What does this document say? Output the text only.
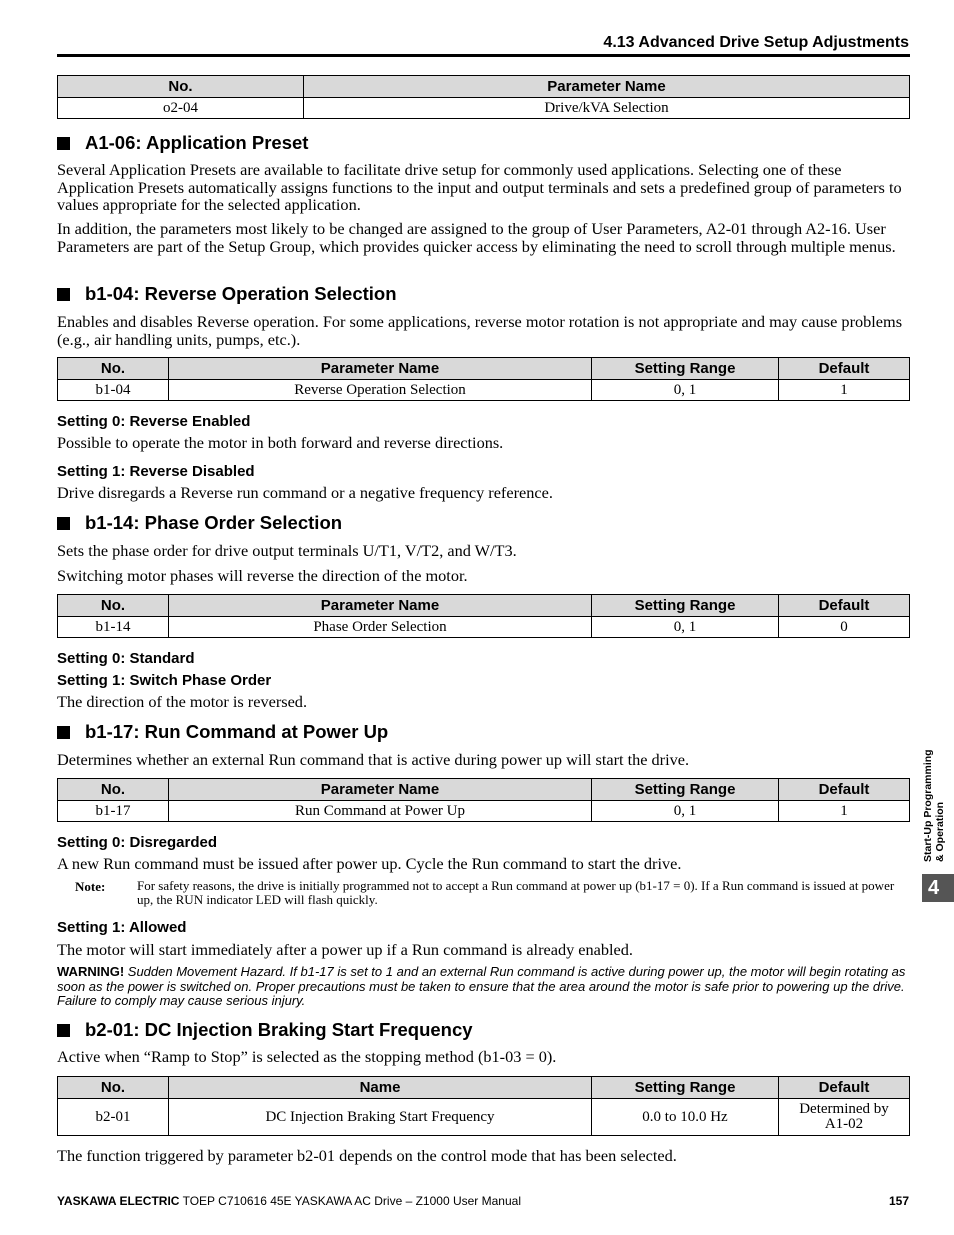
4.13 Advanced Drive Setup Adjustments
No.	Parameter Name
o2-04	Drive/kVA Selection
A1-06: Application Preset
Several Application Presets are available to facilitate drive setup for commonly used applications. Selecting one of these Application Presets automatically assigns functions to the input and output terminals and sets a predefined group of parameters to values appropriate for the selected application.
In addition, the parameters most likely to be changed are assigned to the group of User Parameters, A2-01 through A2-16. User Parameters are part of the Setup Group, which provides quicker access by eliminating the need to scroll through multiple menus.
b1-04: Reverse Operation Selection
Enables and disables Reverse operation. For some applications, reverse motor rotation is not appropriate and may cause problems (e.g., air handling units, pumps, etc.).
No.	Parameter Name	Setting Range	Default
b1-04	Reverse Operation Selection	0, 1	1
Setting 0: Reverse Enabled
Possible to operate the motor in both forward and reverse directions.
Setting 1: Reverse Disabled
Drive disregards a Reverse run command or a negative frequency reference.
b1-14: Phase Order Selection
Sets the phase order for drive output terminals U/T1, V/T2, and W/T3.
Switching motor phases will reverse the direction of the motor.
No.	Parameter Name	Setting Range	Default
b1-14	Phase Order Selection	0, 1	0
Setting 0: Standard
Setting 1: Switch Phase Order
The direction of the motor is reversed.
b1-17: Run Command at Power Up
Determines whether an external Run command that is active during power up will start the drive.
No.	Parameter Name	Setting Range	Default
b1-17	Run Command at Power Up	0, 1	1
Setting 0: Disregarded
A new Run command must be issued after power up. Cycle the Run command to start the drive.
Note: For safety reasons, the drive is initially programmed not to accept a Run command at power up (b1-17 = 0). If a Run command is issued at power up, the RUN indicator LED will flash quickly.
Setting 1: Allowed
The motor will start immediately after a power up if a Run command is already enabled.
WARNING! Sudden Movement Hazard. If b1-17 is set to 1 and an external Run command is active during power up, the motor will begin rotating as soon as the power is switched on. Proper precautions must be taken to ensure that the area around the motor is safe prior to powering up the drive. Failure to comply may cause serious injury.
b2-01: DC Injection Braking Start Frequency
Active when “Ramp to Stop” is selected as the stopping method (b1-03 = 0).
No.	Name	Setting Range	Default
b2-01	DC Injection Braking Start Frequency	0.0 to 10.0 Hz	Determined by A1-02
The function triggered by parameter b2-01 depends on the control mode that has been selected.
Start-Up Programming & Operation
4
YASKAWA ELECTRIC TOEP C710616 45E YASKAWA AC Drive – Z1000 User Manual	157
